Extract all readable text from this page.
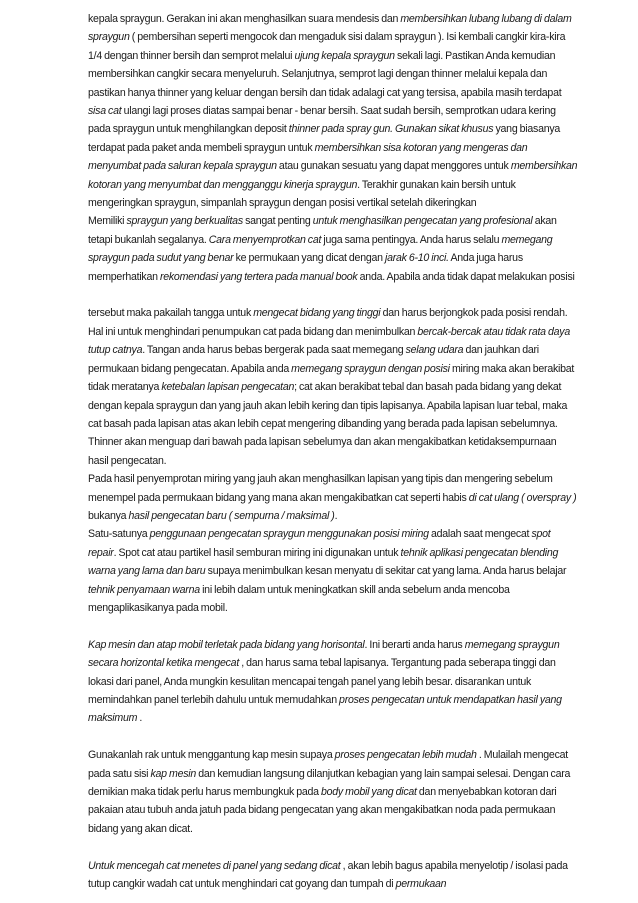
kepala spraygun. Gerakan ini akan menghasilkan suara mendesis dan membersihkan lubang lubang di dalam spraygun ( pembersihan seperti mengocok dan mengaduk sisi dalam spraygun ). Isi kembali cangkir kira-kira 1/4 dengan thinner bersih dan semprot melalui ujung kepala spraygun sekali lagi. Pastikan Anda kemudian membersihkan cangkir secara menyeluruh. Selanjutnya, semprot lagi dengan thinner melalui kepala dan pastikan hanya thinner yang keluar dengan bersih dan tidak adalagi cat yang tersisa, apabila masih terdapat sisa cat ulangi lagi proses diatas sampai benar - benar bersih. Saat sudah bersih, semprotkan udara kering pada spraygun untuk menghilangkan deposit thinner pada spray gun. Gunakan sikat khusus yang biasanya terdapat pada paket anda membeli spraygun untuk membersihkan sisa kotoran yang mengeras dan menyumbat pada saluran kepala spraygun atau gunakan sesuatu yang dapat menggores untuk membersihkan kotoran yang menyumbat dan mengganggu kinerja spraygun. Terakhir gunakan kain bersih untuk mengeringkan spraygun, simpanlah spraygun dengan posisi vertikal setelah dikeringkan

Memiliki spraygun yang berkualitas sangat penting untuk menghasilkan pengecatan yang profesional akan tetapi bukanlah segalanya. Cara menyemprotkan cat juga sama pentingya. Anda harus selalu memegang spraygun pada sudut yang benar ke permukaan yang dicat dengan jarak 6-10 inci. Anda juga harus memperhatikan rekomendasi yang tertera pada manual book anda. Apabila anda tidak dapat melakukan posisi

tersebut maka pakailah tangga untuk mengecat bidang yang tinggi dan harus berjongkok pada posisi rendah. Hal ini untuk menghindari penumpukan cat pada bidang dan menimbulkan bercak-bercak atau tidak rata daya tutup catnya. Tangan anda harus bebas bergerak pada saat memegang selang udara dan jauhkan dari permukaan bidang pengecatan. Apabila anda memegang spraygun dengan posisi miring maka akan berakibat tidak meratanya ketebalan lapisan pengecatan; cat akan berakibat tebal dan basah pada bidang yang dekat dengan kepala spraygun dan yang jauh akan lebih kering dan tipis lapisanya. Apabila lapisan luar tebal, maka cat basah pada lapisan atas akan lebih cepat mengering dibanding yang berada pada lapisan sebelumnya. Thinner akan menguap dari bawah pada lapisan sebelumya dan akan mengakibatkan ketidaksempurnaan hasil pengecatan.

Pada hasil penyemprotan miring yang jauh akan menghasilkan lapisan yang tipis dan mengering sebelum menempel pada permukaan bidang yang mana akan mengakibatkan cat seperti habis di cat ulang ( overspray ) bukanya hasil pengecatan baru ( sempurna / maksimal ).

Satu-satunya penggunaan pengecatan spraygun menggunakan posisi miring adalah saat mengecat spot repair. Spot cat atau partikel hasil semburan miring ini digunakan untuk tehnik aplikasi pengecatan blending warna yang lama dan baru supaya menimbulkan kesan menyatu di sekitar cat yang lama. Anda harus belajar tehnik penyamaan warna ini lebih dalam untuk meningkatkan skill anda sebelum anda mencoba mengaplikasikanya pada mobil.

Kap mesin dan atap mobil terletak pada bidang yang horisontal. Ini berarti anda harus memegang spraygun secara horizontal ketika mengecat , dan harus sama tebal lapisanya. Tergantung pada seberapa tinggi dan lokasi dari panel, Anda mungkin kesulitan mencapai tengah panel yang lebih besar. disarankan untuk memindahkan panel terlebih dahulu untuk memudahkan proses pengecatan untuk mendapatkan hasil yang maksimum .

Gunakanlah rak untuk menggantung kap mesin supaya proses pengecatan lebih mudah . Mulailah mengecat pada satu sisi kap mesin dan kemudian langsung dilanjutkan kebagian yang lain sampai selesai. Dengan cara demikian maka tidak perlu harus membungkuk pada body mobil yang dicat dan menyebabkan kotoran dari pakaian atau tubuh anda jatuh pada bidang pengecatan yang akan mengakibatkan noda pada permukaan bidang yang akan dicat.

Untuk mencegah cat menetes di panel yang sedang dicat , akan lebih bagus apabila menyelotip / isolasi pada tutup cangkir wadah cat untuk menghindari cat goyang dan tumpah di permukaan
